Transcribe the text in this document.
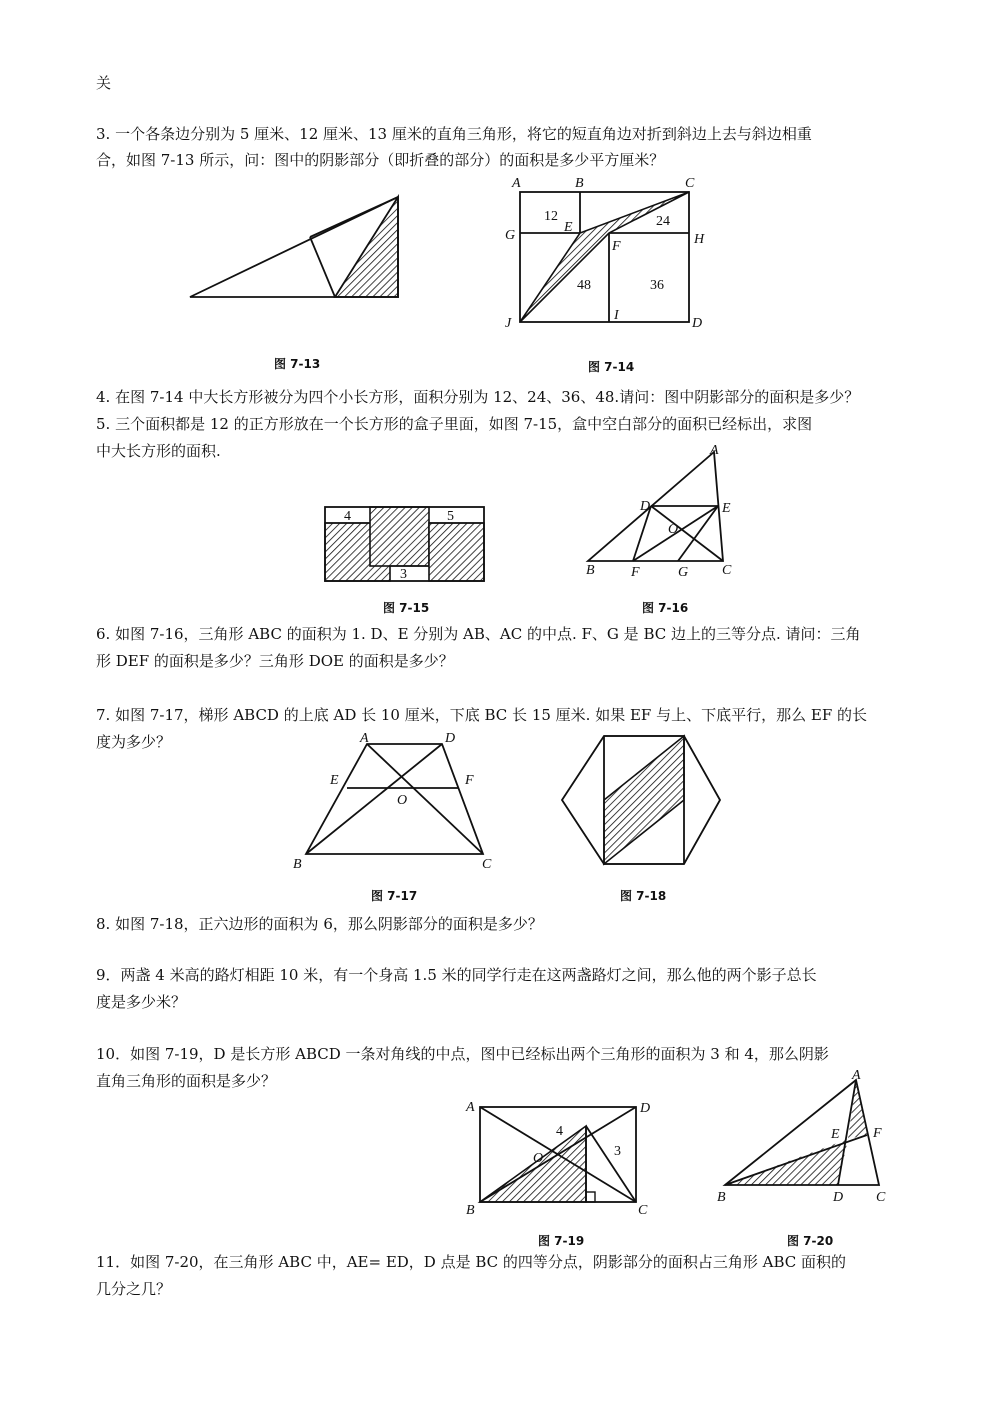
关
3. 一个各条边分别为 5 厘米、12 厘米、13 厘米的直角三角形，将它的短直角边对折到斜边上去与斜边相重
合，如图 7-13 所示，问：图中的阴影部分（即折叠的部分）的面积是多少平方厘米？
图 7-13
A	B	C
G	H
E
F
J
I
D
12	24
48	36
图 7-14
4. 在图 7-14 中大长方形被分为四个小长方形，面积分别为 12、24、36、48.请问：图中阴影部分的面积是多少？
5. 三个面积都是 12 的正方形放在一个长方形的盒子里面，如图 7-15，盒中空白部分的面积已经标出，求图
中大长方形的面积.
4	5
3
图 7-15
A
D	E
O
B	F	G C
图 7-16
6. 如图 7-16，三角形 ABC 的面积为 1. D、E 分别为 AB、AC 的中点. F、G 是 BC 边上的三等分点. 请问：三角
形 DEF 的面积是多少？三角形 DOE 的面积是多少？
7. 如图 7-17，梯形 ABCD 的上底 AD 长 10 厘米，下底 BC 长 15 厘米. 如果 EF 与上、下底平行，那么 EF 的长
度为多少？	A	D
E	F
O
B	C
图 7-17	图 7-18
8. 如图 7-18，正六边形的面积为 6，那么阴影部分的面积是多少？
9．两盏 4 米高的路灯相距 10 米，有一个身高 1.5 米的同学行走在这两盏路灯之间，那么他的两个影子总长
度是多少米？
10．如图 7-19，D 是长方形 ABCD 一条对角线的中点，图中已经标出两个三角形的面积为 3 和 4，那么阴影
直角三角形的面积是多少？
A	D
O
B	C
4
3
图 7-19
A
E F
B	D C
图 7-20
11．如图 7-20，在三角形 ABC 中，AE= ED，D 点是 BC 的四等分点，阴影部分的面积占三角形 ABC 面积的
几分之几？
